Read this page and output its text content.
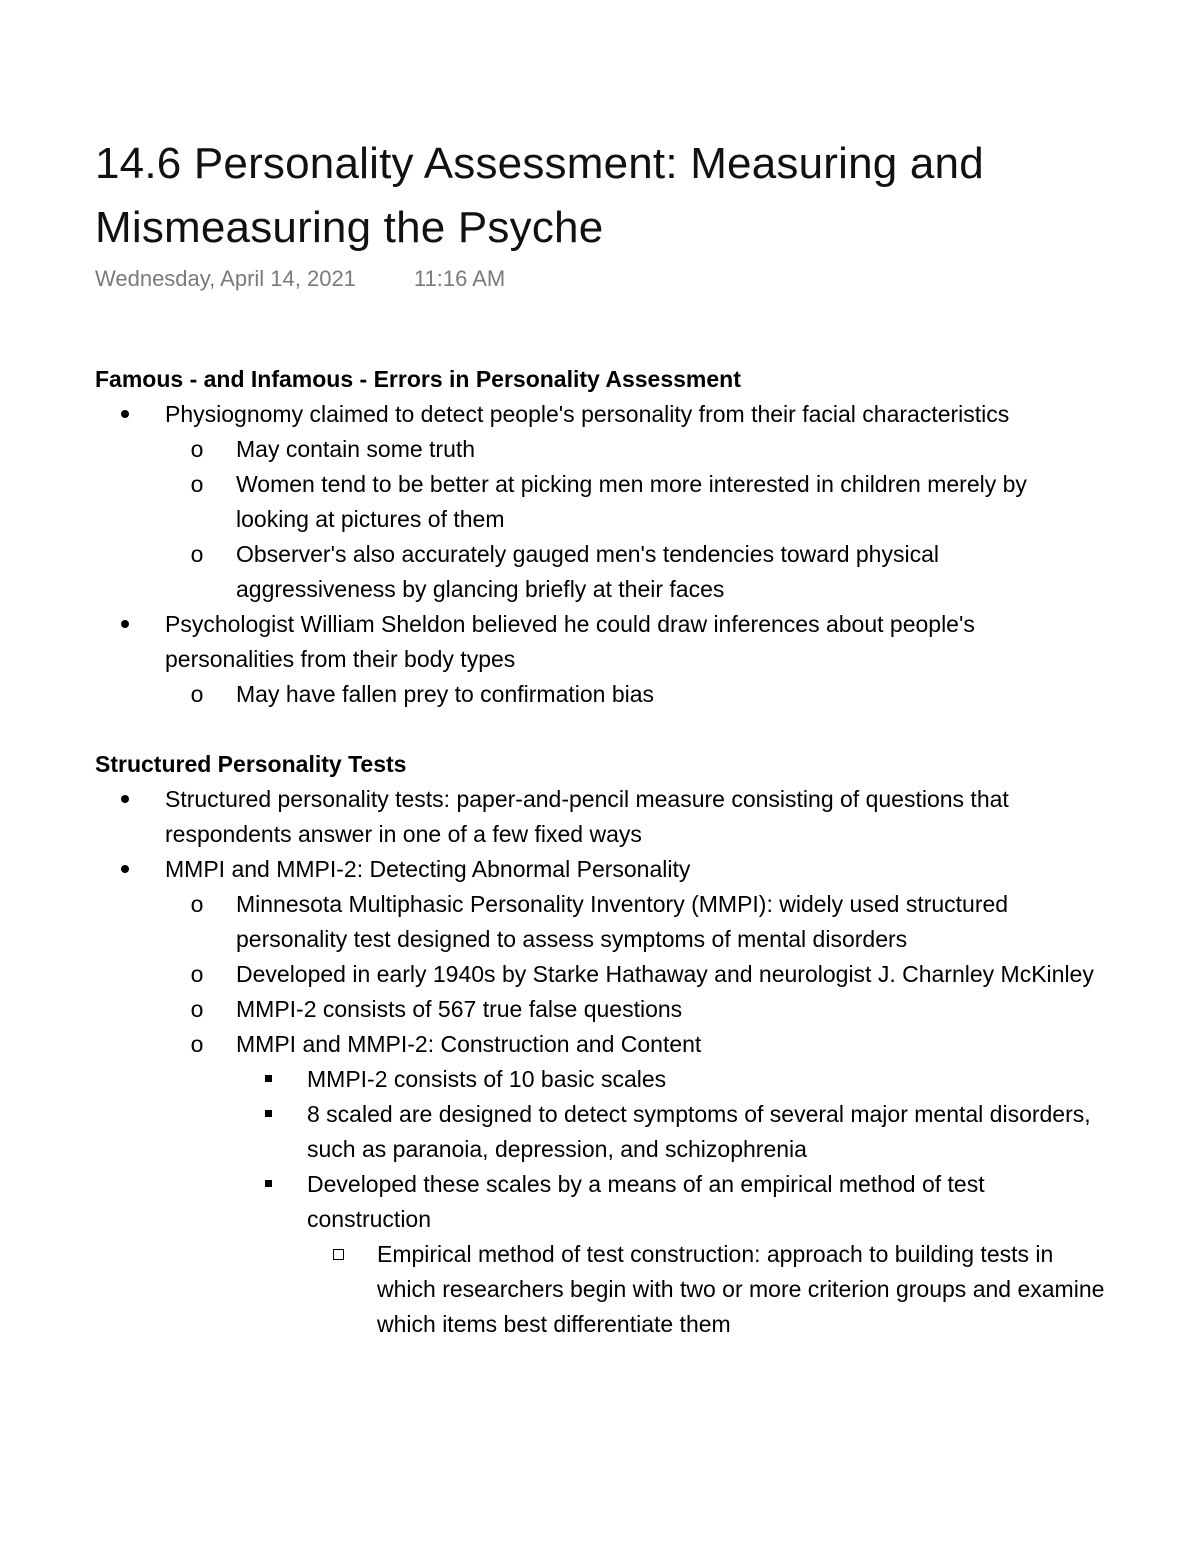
14.6 Personality Assessment: Measuring and Mismeasuring the Psyche
Wednesday, April 14, 2021	11:16 AM
Famous - and Infamous - Errors in Personality Assessment
Physiognomy claimed to detect people's personality from their facial characteristics
o May contain some truth
o Women tend to be better at picking men more interested in children merely by looking at pictures of them
o Observer's also accurately gauged men's tendencies toward physical aggressiveness by glancing briefly at their faces
Psychologist William Sheldon believed he could draw inferences about people's personalities from their body types
o May have fallen prey to confirmation bias
Structured Personality Tests
Structured personality tests: paper-and-pencil measure consisting of questions that respondents answer in one of a few fixed ways
MMPI and MMPI-2: Detecting Abnormal Personality
o Minnesota Multiphasic Personality Inventory (MMPI): widely used structured personality test designed to assess symptoms of mental disorders
o Developed in early 1940s by Starke Hathaway and neurologist J. Charnley McKinley
o MMPI-2 consists of 567 true false questions
o MMPI and MMPI-2: Construction and Content
MMPI-2 consists of 10 basic scales
8 scaled are designed to detect symptoms of several major mental disorders, such as paranoia, depression, and schizophrenia
Developed these scales by a means of an empirical method of test construction
Empirical method of test construction: approach to building tests in which researchers begin with two or more criterion groups and examine which items best differentiate them
